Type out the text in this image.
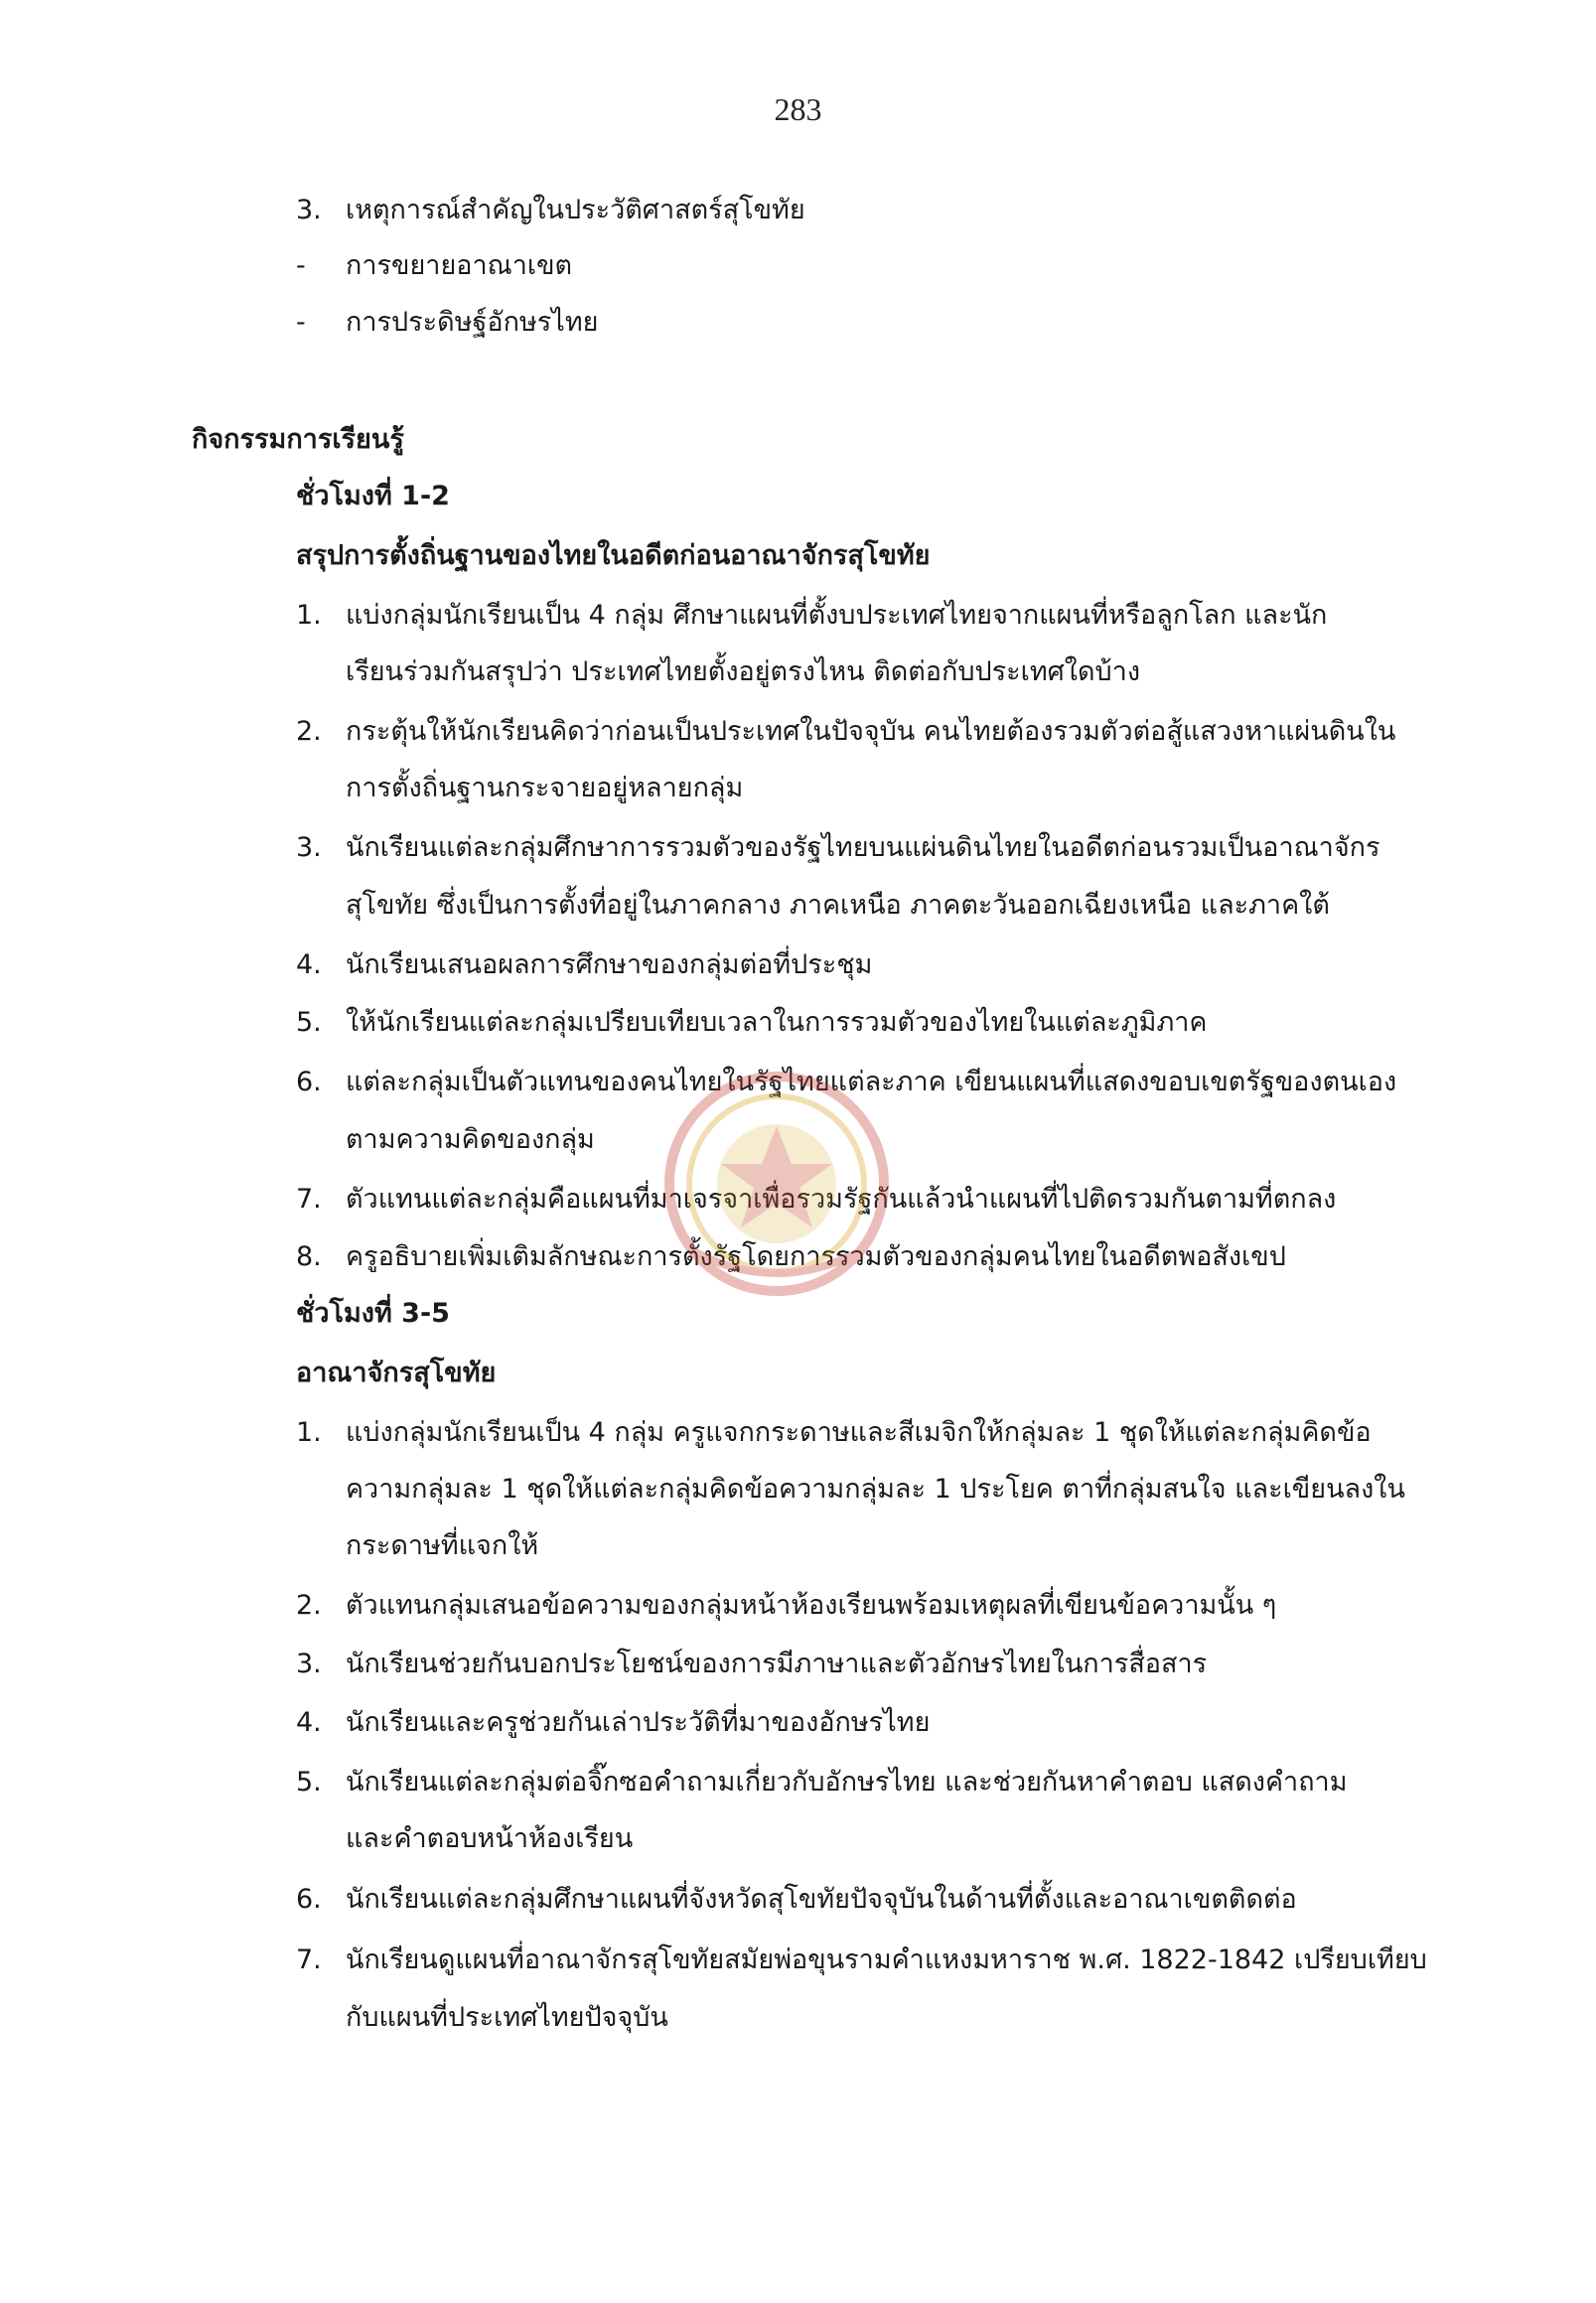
283
3. เหตุการณ์สำคัญในประวัติศาสตร์สุโขทัย
- การขยายอาณาเขต
- การประดิษฐ์อักษรไทย
กิจกรรมการเรียนรู้
ชั่วโมงที่ 1-2
สรุปการตั้งถิ่นฐานของไทยในอดีตก่อนอาณาจักรสุโขทัย
1. แบ่งกลุ่มนักเรียนเป็น 4 กลุ่ม ศึกษาแผนที่ตั้งบประเทศไทยจากแผนที่หรือลูกโลก และนัก
เรียนร่วมกันสรุปว่า ประเทศไทยตั้งอยู่ตรงไหน ติดต่อกับประเทศใดบ้าง
2. กระตุ้นให้นักเรียนคิดว่าก่อนเป็นประเทศในปัจจุบัน คนไทยต้องรวมตัวต่อสู้แสวงหาแผ่นดินใน
การตั้งถิ่นฐานกระจายอยู่หลายกลุ่ม
3. นักเรียนแต่ละกลุ่มศึกษาการรวมตัวของรัฐไทยบนแผ่นดินไทยในอดีตก่อนรวมเป็นอาณาจักร
สุโขทัย ซึ่งเป็นการตั้งที่อยู่ในภาคกลาง ภาคเหนือ ภาคตะวันออกเฉียงเหนือ และภาคใต้
4. นักเรียนเสนอผลการศึกษาของกลุ่มต่อที่ประชุม
5. ให้นักเรียนแต่ละกลุ่มเปรียบเทียบเวลาในการรวมตัวของไทยในแต่ละภูมิภาค
6. แต่ละกลุ่มเป็นตัวแทนของคนไทยในรัฐไทยแต่ละภาค เขียนแผนที่แสดงขอบเขตรัฐของตนเอง
ตามความคิดของกลุ่ม
7. ตัวแทนแต่ละกลุ่มคือแผนที่มาเจรจาเพื่อรวมรัฐกันแล้วนำแผนที่ไปติดรวมกันตามที่ตกลง
8. ครูอธิบายเพิ่มเติมลักษณะการตั้งรัฐโดยการรวมตัวของกลุ่มคนไทยในอดีตพอสังเขป
ชั่วโมงที่ 3-5
อาณาจักรสุโขทัย
1. แบ่งกลุ่มนักเรียนเป็น 4 กลุ่ม ครูแจกกระดาษและสีเมจิกให้กลุ่มละ 1 ชุดให้แต่ละกลุ่มคิดข้อ
ความกลุ่มละ 1 ชุดให้แต่ละกลุ่มคิดข้อความกลุ่มละ 1 ประโยค ตาที่กลุ่มสนใจ และเขียนลงใน
กระดาษที่แจกให้
2. ตัวแทนกลุ่มเสนอข้อความของกลุ่มหน้าห้องเรียนพร้อมเหตุผลที่เขียนข้อความนั้น ๆ
3. นักเรียนช่วยกันบอกประโยชน์ของการมีภาษาและตัวอักษรไทยในการสื่อสาร
4. นักเรียนและครูช่วยกันเล่าประวัติที่มาของอักษรไทย
5. นักเรียนแต่ละกลุ่มต่อจิ๊กซอคำถามเกี่ยวกับอักษรไทย และช่วยกันหาคำตอบ แสดงคำถาม
และคำตอบหน้าห้องเรียน
6. นักเรียนแต่ละกลุ่มศึกษาแผนที่จังหวัดสุโขทัยปัจจุบันในด้านที่ตั้งและอาณาเขตติดต่อ
7. นักเรียนดูแผนที่อาณาจักรสุโขทัยสมัยพ่อขุนรามคำแหงมหาราช พ.ศ. 1822-1842 เปรียบเทียบ
กับแผนที่ประเทศไทยปัจจุบัน
